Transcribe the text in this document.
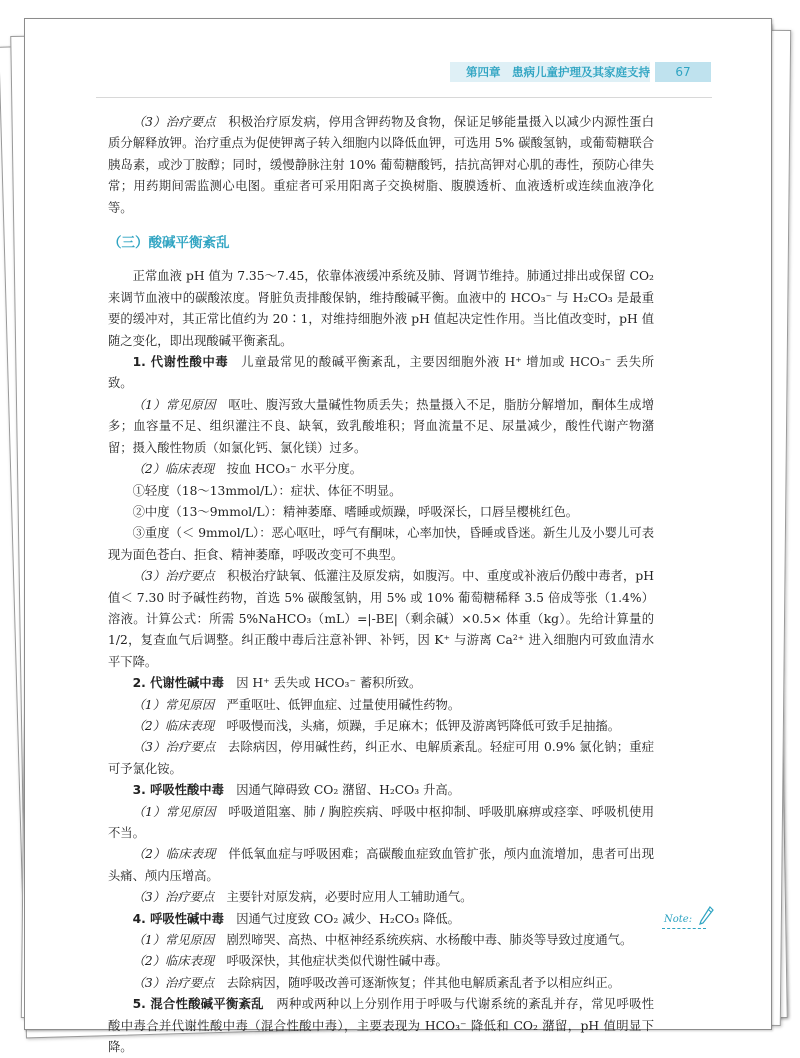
第四章　患病儿童护理及其家庭支持	67

（3）治疗要点　积极治疗原发病，停用含钾药物及食物，保证足够能量摄入以减少内源性蛋白质分解释放钾。治疗重点为促使钾离子转入细胞内以降低血钾，可选用 5% 碳酸氢钠，或葡萄糖联合胰岛素，或沙丁胺醇；同时，缓慢静脉注射 10% 葡萄糖酸钙，拮抗高钾对心肌的毒性，预防心律失常；用药期间需监测心电图。重症者可采用阳离子交换树脂、腹膜透析、血液透析或连续血液净化等。

（三）酸碱平衡紊乱

正常血液 pH 值为 7.35～7.45，依靠体液缓冲系统及肺、肾调节维持。肺通过排出或保留 CO₂ 来调节血液中的碳酸浓度。肾脏负责排酸保钠，维持酸碱平衡。血液中的 HCO₃⁻ 与 H₂CO₃ 是最重要的缓冲对，其正常比值约为 20∶1，对维持细胞外液 pH 值起决定性作用。当比值改变时，pH 值随之变化，即出现酸碱平衡紊乱。

1. 代谢性酸中毒　儿童最常见的酸碱平衡紊乱，主要因细胞外液 H⁺ 增加或 HCO₃⁻ 丢失所致。

（1）常见原因　呕吐、腹泻致大量碱性物质丢失；热量摄入不足，脂肪分解增加，酮体生成增多；血容量不足、组织灌注不良、缺氧，致乳酸堆积；肾血流量不足、尿量减少，酸性代谢产物潴留；摄入酸性物质（如氯化钙、氯化镁）过多。

（2）临床表现　按血 HCO₃⁻ 水平分度。

①轻度（18～13mmol/L）：症状、体征不明显。

②中度（13～9mmol/L）：精神萎靡、嗜睡或烦躁，呼吸深长，口唇呈樱桃红色。

③重度（＜ 9mmol/L）：恶心呕吐，呼气有酮味，心率加快，昏睡或昏迷。新生儿及小婴儿可表现为面色苍白、拒食、精神萎靡，呼吸改变可不典型。

（3）治疗要点　积极治疗缺氧、低灌注及原发病，如腹泻。中、重度或补液后仍酸中毒者，pH 值＜ 7.30 时予碱性药物，首选 5% 碳酸氢钠，用 5% 或 10% 葡萄糖稀释 3.5 倍成等张（1.4%）溶液。计算公式：所需 5%NaHCO₃（mL）=|-BE|（剩余碱）×0.5× 体重（kg）。先给计算量的 1/2，复查血气后调整。纠正酸中毒后注意补钾、补钙，因 K⁺ 与游离 Ca²⁺ 进入细胞内可致血清水平下降。

2. 代谢性碱中毒　因 H⁺ 丢失或 HCO₃⁻ 蓄积所致。

（1）常见原因　严重呕吐、低钾血症、过量使用碱性药物。

（2）临床表现　呼吸慢而浅，头痛，烦躁，手足麻木；低钾及游离钙降低可致手足抽搐。

（3）治疗要点　去除病因，停用碱性药，纠正水、电解质紊乱。轻症可用 0.9% 氯化钠；重症可予氯化铵。

3. 呼吸性酸中毒　因通气障碍致 CO₂ 潴留、H₂CO₃ 升高。

（1）常见原因　呼吸道阻塞、肺 / 胸腔疾病、呼吸中枢抑制、呼吸肌麻痹或痉挛、呼吸机使用不当。

（2）临床表现　伴低氧血症与呼吸困难；高碳酸血症致血管扩张，颅内血流增加，患者可出现头痛、颅内压增高。

（3）治疗要点　主要针对原发病，必要时应用人工辅助通气。

4. 呼吸性碱中毒　因通气过度致 CO₂ 减少、H₂CO₃ 降低。

（1）常见原因　剧烈啼哭、高热、中枢神经系统疾病、水杨酸中毒、肺炎等导致过度通气。

（2）临床表现　呼吸深快，其他症状类似代谢性碱中毒。

（3）治疗要点　去除病因，随呼吸改善可逐渐恢复；伴其他电解质紊乱者予以相应纠正。

5. 混合性酸碱平衡紊乱　两种或两种以上分别作用于呼吸与代谢系统的紊乱并存，常见呼吸性酸中毒合并代谢性酸中毒（混合性酸中毒），主要表现为 HCO₃⁻ 降低和 CO₂ 潴留，pH 值明显下降。

Note:
